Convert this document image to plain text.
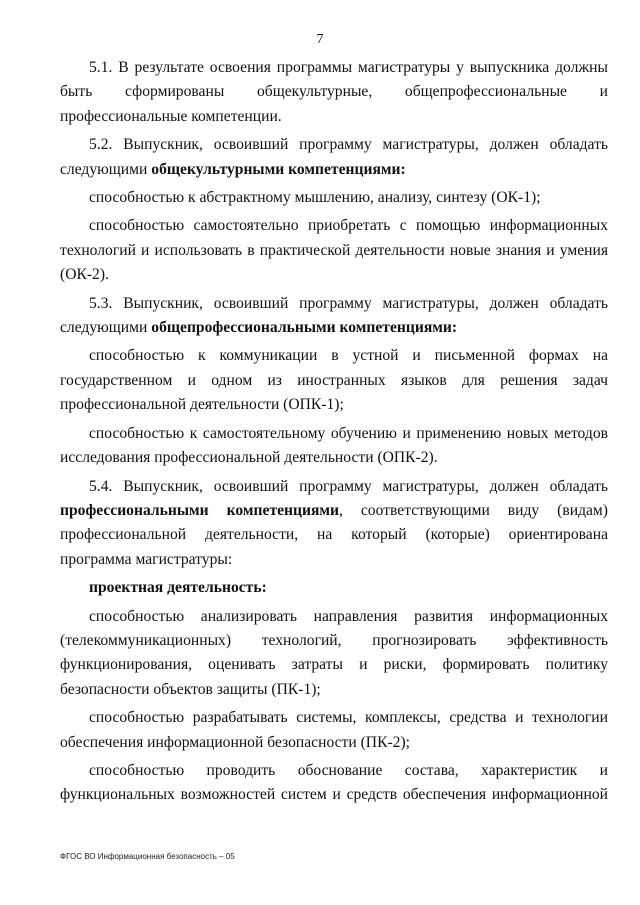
7

5.1. В результате освоения программы магистратуры у выпускника должны быть сформированы общекультурные, общепрофессиональные и профессиональные компетенции.

5.2. Выпускник, освоивший программу магистратуры, должен обладать следующими общекультурными компетенциями:

способностью к абстрактному мышлению, анализу, синтезу (ОК-1);

способностью самостоятельно приобретать с помощью информационных технологий и использовать в практической деятельности новые знания и умения (ОК-2).

5.3. Выпускник, освоивший программу магистратуры, должен обладать следующими общепрофессиональными компетенциями:

способностью к коммуникации в устной и письменной формах на государственном и одном из иностранных языков для решения задач профессиональной деятельности (ОПК-1);

способностью к самостоятельному обучению и применению новых методов исследования профессиональной деятельности (ОПК-2).

5.4. Выпускник, освоивший программу магистратуры, должен обладать профессиональными компетенциями, соответствующими виду (видам) профессиональной деятельности, на который (которые) ориентирована программа магистратуры:

проектная деятельность:

способностью анализировать направления развития информационных (телекоммуникационных) технологий, прогнозировать эффективность функционирования, оценивать затраты и риски, формировать политику безопасности объектов защиты (ПК-1);

способностью разрабатывать системы, комплексы, средства и технологии обеспечения информационной безопасности (ПК-2);

способностью проводить обоснование состава, характеристик и функциональных возможностей систем и средств обеспечения информационной

ФГОС ВО Информационная безопасность – 05
